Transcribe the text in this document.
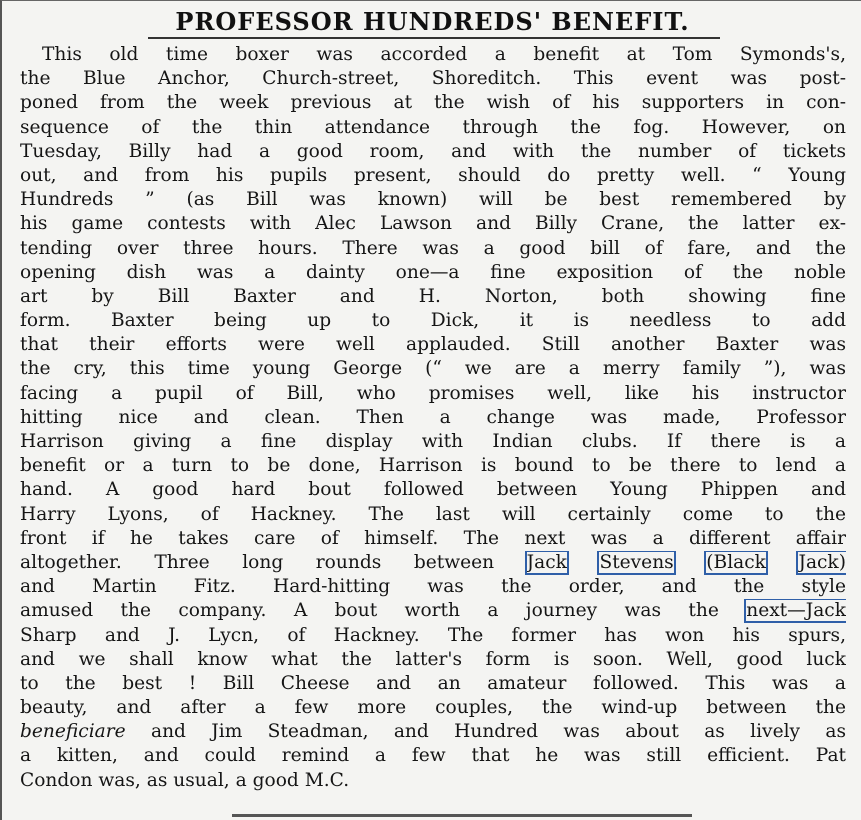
PROFESSOR HUNDREDS' BENEFIT.
This old time boxer was accorded a benefit at Tom Symonds's,
the Blue Anchor, Church-street, Shoreditch. This event was post-
poned from the week previous at the wish of his supporters in con-
sequence of the thin attendance through the fog. However, on
Tuesday, Billy had a good room, and with the number of tickets
out, and from his pupils present, should do pretty well. “ Young
Hundreds ” (as Bill was known) will be best remembered by
his game contests with Alec Lawson and Billy Crane, the latter ex-
tending over three hours. There was a good bill of fare, and the
opening dish was a dainty one—a fine exposition of the noble
art by Bill Baxter and H. Norton, both showing fine
form. Baxter being up to Dick, it is needless to add
that their efforts were well applauded. Still another Baxter was
the cry, this time young George (“ we are a merry family ”), was
facing a pupil of Bill, who promises well, like his instructor
hitting nice and clean. Then a change was made, Professor
Harrison giving a fine display with Indian clubs. If there is a
benefit or a turn to be done, Harrison is bound to be there to lend a
hand. A good hard bout followed between Young Phippen and
Harry Lyons, of Hackney. The last will certainly come to the
front if he takes care of himself. The next was a different affair
altogether. Three long rounds between Jack Stevens (Black Jack)
and Martin Fitz. Hard-hitting was the order, and the style
amused the company. A bout worth a journey was the next—Jack
Sharp and J. Lycn, of Hackney. The former has won his spurs,
and we shall know what the latter's form is soon. Well, good luck
to the best ! Bill Cheese and an amateur followed. This was a
beauty, and after a few more couples, the wind-up between the
beneficiare and Jim Steadman, and Hundred was about as lively as
a kitten, and could remind a few that he was still efficient. Pat
Condon was, as usual, a good M.C.
